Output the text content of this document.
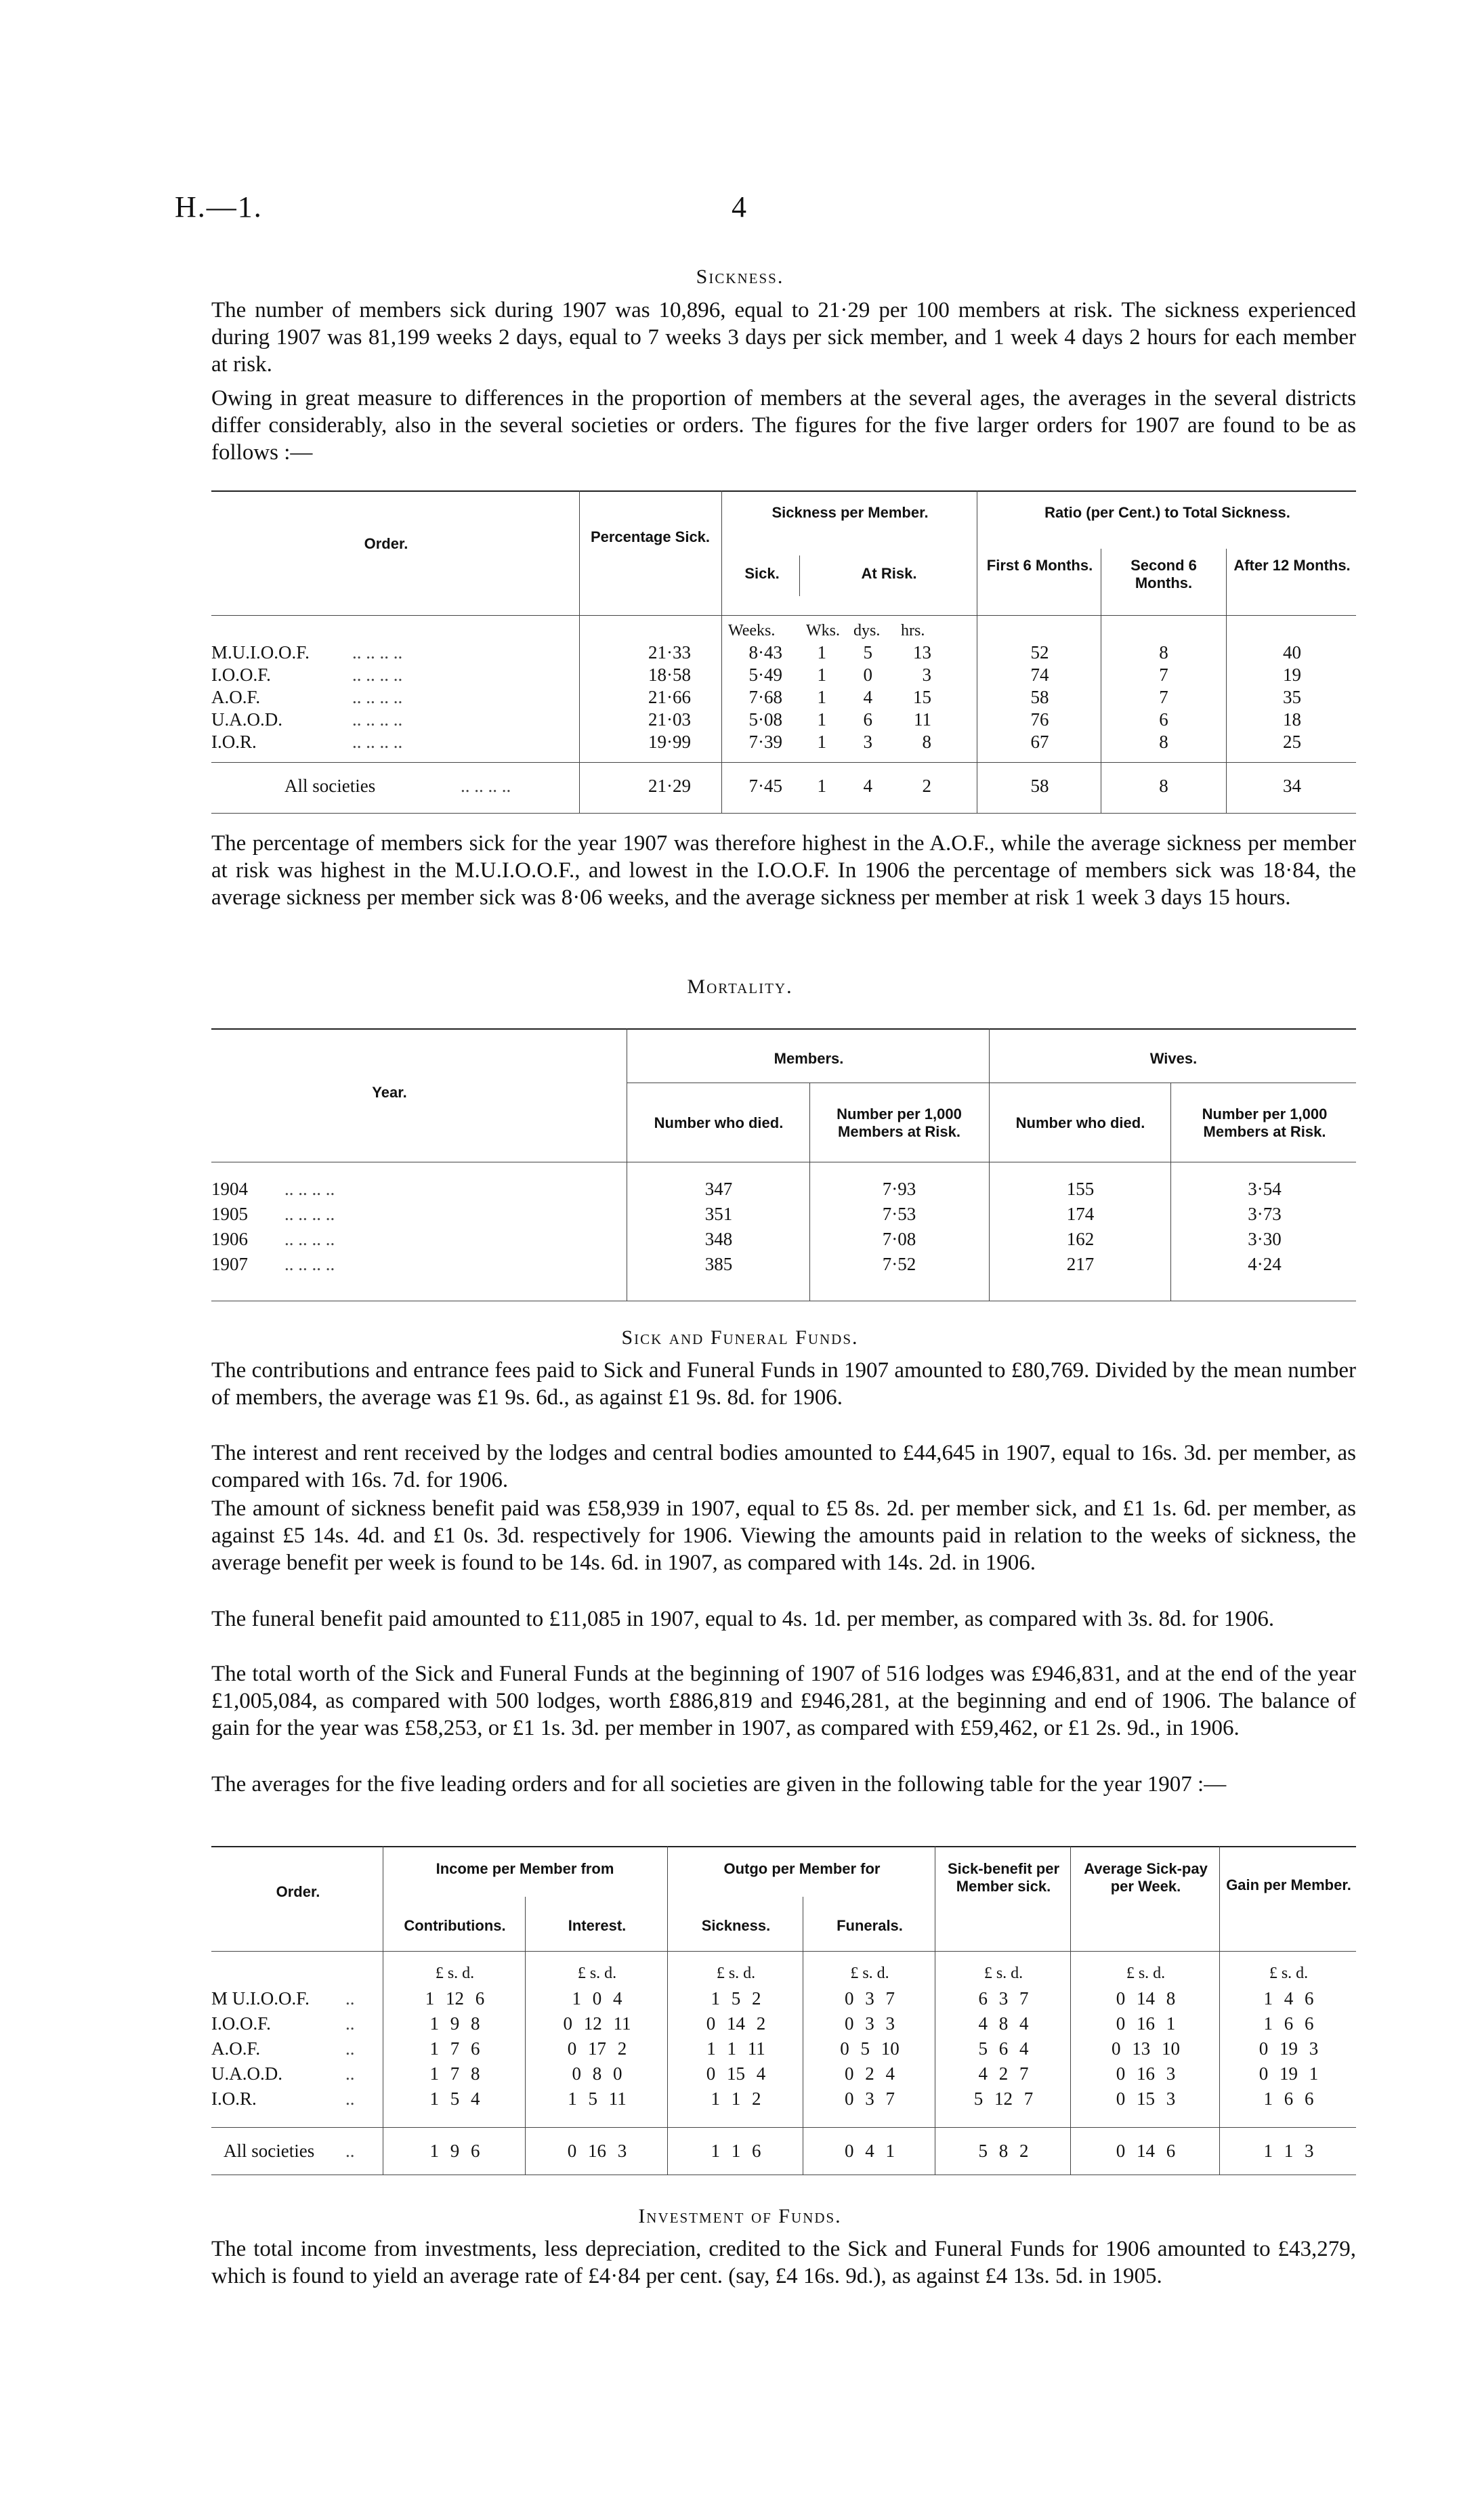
H.—1.	4
Sickness.
The number of members sick during 1907 was 10,896, equal to 21·29 per 100 members at risk. The sickness experienced during 1907 was 81,199 weeks 2 days, equal to 7 weeks 3 days per sick member, and 1 week 4 days 2 hours for each member at risk.
Owing in great measure to differences in the proportion of members at the several ages, the averages in the several districts differ considerably, also in the several societies or orders. The figures for the five larger orders for 1907 are found to be as follows :—
Order.	Percentage Sick.
Sickness per Member.
Sick.	At Risk.
Ratio (per Cent.) to Total Sickness.
First 6 Months.	Second 6 Months.
After 12 Months.
Weeks. Wks. dys. hrs.
M.U.I.O.O.F. .. .. .. ..	21·33	8·43	1	5	13	52	8	40
I.O.O.F.	.. .. .. ..	18·58	5·49	1	0	3	74	7	19
A.O.F.	.. .. .. ..	21·66	7·68	1	4	15	58	7	35
U.A.O.D.	.. .. .. ..	21·03	5·08	1	6	11	76	6	18
I.O.R.	.. .. .. ..	19·99	7·39	1	3	8	67	8	25
All societies	.. .. .. ..	21·29	7·45	1	4	2	58	8	34
The percentage of members sick for the year 1907 was therefore highest in the A.O.F., while the average sickness per member at risk was highest in the M.U.I.O.O.F., and lowest in the I.O.O.F. In 1906 the percentage of members sick was 18·84, the average sickness per member sick was 8·06 weeks, and the average sickness per member at risk 1 week 3 days 15 hours.
Mortality.
Year.
Members.	Wives.
Number who died.
Number per 1,000 Members at Risk.
Number who died.
Number per 1,000 Members at Risk.
1904 .. .. .. ..	347	7·93	155	3·54
1905 .. .. .. ..	351	7·53	174	3·73
1906 .. .. .. ..	348	7·08	162	3·30
1907 .. .. .. ..	385	7·52	217	4·24
Sick and Funeral Funds.
The contributions and entrance fees paid to Sick and Funeral Funds in 1907 amounted to £80,769. Divided by the mean number of members, the average was £1 9s. 6d., as against £1 9s. 8d. for 1906.
The interest and rent received by the lodges and central bodies amounted to £44,645 in 1907, equal to 16s. 3d. per member, as compared with 16s. 7d. for 1906.
The amount of sickness benefit paid was £58,939 in 1907, equal to £5 8s. 2d. per member sick, and £1 1s. 6d. per member, as against £5 14s. 4d. and £1 0s. 3d. respectively for 1906. Viewing the amounts paid in relation to the weeks of sickness, the average benefit per week is found to be 14s. 6d. in 1907, as compared with 14s. 2d. in 1906.
The funeral benefit paid amounted to £11,085 in 1907, equal to 4s. 1d. per member, as compared with 3s. 8d. for 1906.
The total worth of the Sick and Funeral Funds at the beginning of 1907 of 516 lodges was £946,831, and at the end of the year £1,005,084, as compared with 500 lodges, worth £886,819 and £946,281, at the beginning and end of 1906. The balance of gain for the year was £58,253, or £1 1s. 3d. per member in 1907, as compared with £59,462, or £1 2s. 9d., in 1906.
The averages for the five leading orders and for all societies are given in the following table for the year 1907 :—
Order.
Income per Member from
Contributions.	Interest.
Outgo per Member for
Sickness.	Funerals.
Sick-benefit per Member sick.
Average Sick-pay per Week.	Gain per Member.
£ s. d.	£ s. d.	£ s. d.	£ s. d.	£ s. d.	£ s. d.	£ s. d.
M U.I.O.O.F. ..	1 12 6	1 0 4	1 5 2	0 3 7	6 3 7	0 14 8	1 4 6
I.O.O.F.	..	1 9 8	0 12 11	0 14 2	0 3 3	4 8 4	0 16 1	1 6 6
A.O.F.	..	1 7 6	0 17 2	1 1 11	0 5 10	5 6 4	0 13 10	0 19 3
U.A.O.D.	..	1 7 8	0 8 0	0 15 4	0 2 4	4 2 7	0 16 3	0 19 1
I.O.R.	..	1 5 4	1 5 11	1 1 2	0 3 7	5 12 7	0 15 3	1 6 6
All societies ..	1 9 6	0 16 3	1 1 6	0 4 1	5 8 2	0 14 6	1 1 3
Investment of Funds.
The total income from investments, less depreciation, credited to the Sick and Funeral Funds for 1906 amounted to £43,279, which is found to yield an average rate of £4·84 per cent. (say, £4 16s. 9d.), as against £4 13s. 5d. in 1905.
